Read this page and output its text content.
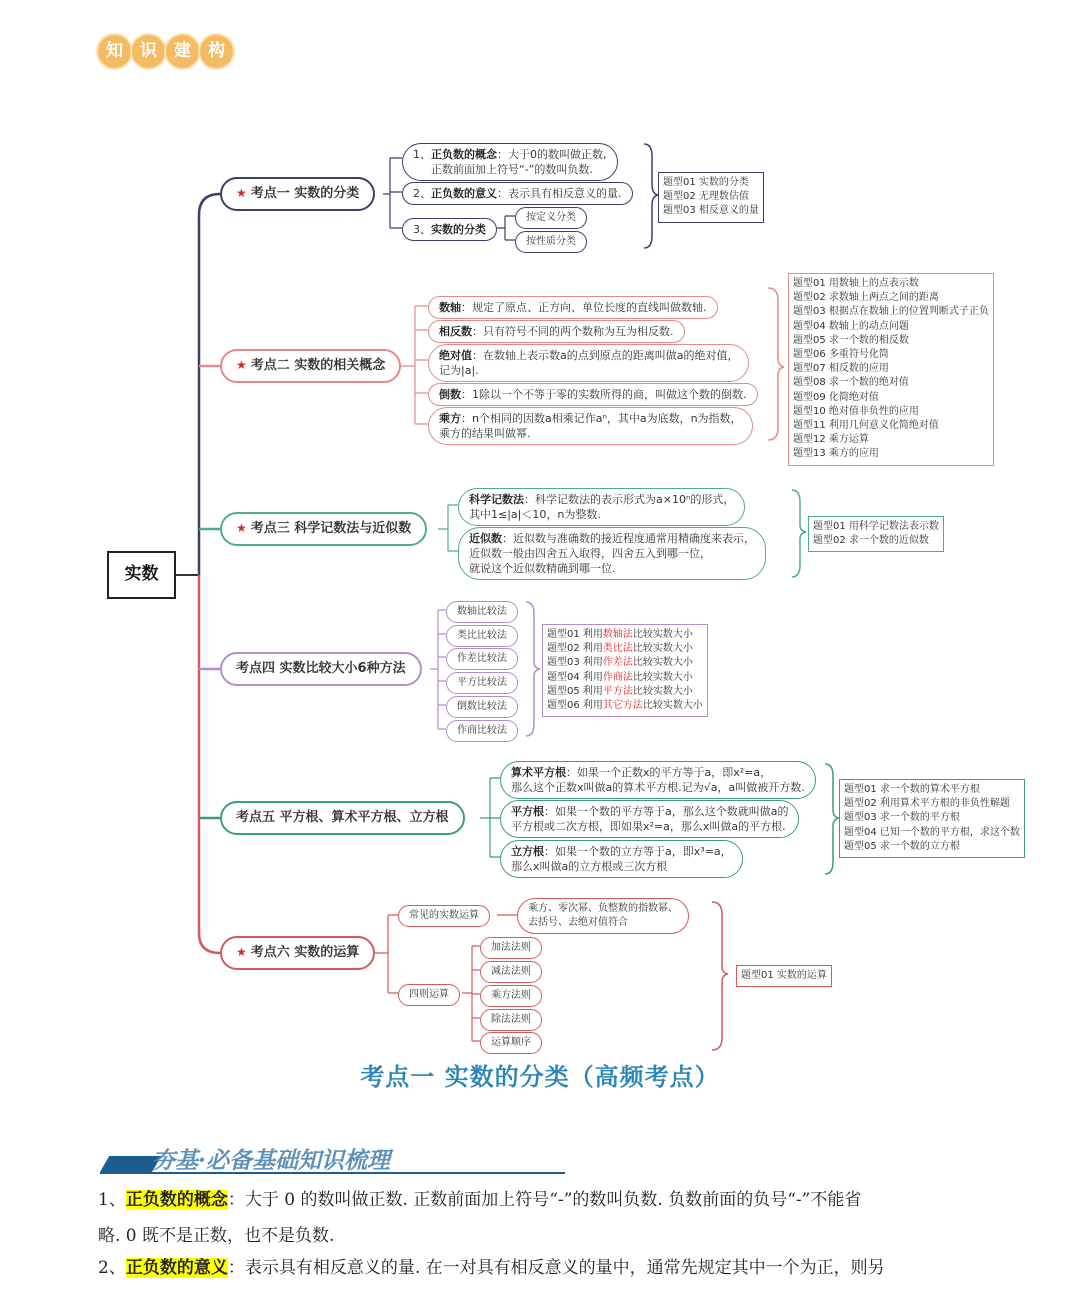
知	识	建	构
实数
★ 考点一 实数的分类
1、正负数的概念：大于0的数叫做正数,
正数前面加上符号“-”的数叫负数.
2、正负数的意义：表示具有相反意义的量.
3、实数的分类
按定义分类
按性质分类
题型01 实数的分类
题型02 无理数估值
题型03 相反意义的量
★ 考点二 实数的相关概念
数轴：规定了原点、正方向、单位长度的直线叫做数轴.
相反数：只有符号不同的两个数称为互为相反数.
绝对值：在数轴上表示数a的点到原点的距离叫做a的绝对值，
记为|a|.
倒数：1除以一个不等于零的实数所得的商，叫做这个数的倒数.
乘方：n个相同的因数a相乘记作aⁿ，其中a为底数，n为指数，
乘方的结果叫做幂.
题型01 用数轴上的点表示数
题型02 求数轴上两点之间的距离
题型03 根据点在数轴上的位置判断式子正负
题型04 数轴上的动点问题
题型05 求一个数的相反数
题型06 多重符号化简
题型07 相反数的应用
题型08 求一个数的绝对值
题型09 化简绝对值
题型10 绝对值非负性的应用
题型11 利用几何意义化简绝对值
题型12 乘方运算
题型13 乘方的应用
★ 考点三 科学记数法与近似数
科学记数法：科学记数法的表示形式为a×10ⁿ的形式，
其中1≤|a|＜10，n为整数.
近似数：近似数与准确数的接近程度通常用精确度来表示，
近似数一般由四舍五入取得，四舍五入到哪一位，
就说这个近似数精确到哪一位.
题型01 用科学记数法表示数
题型02 求一个数的近似数
考点四 实数比较大小6种方法
数轴比较法
类比比较法
作差比较法
平方比较法
倒数比较法
作商比较法
题型01 利用数轴法比较实数大小
题型02 利用类比法比较实数大小
题型03 利用作差法比较实数大小
题型04 利用作商法比较实数大小
题型05 利用平方法比较实数大小
题型06 利用其它方法比较实数大小
考点五 平方根、算术平方根、立方根
算术平方根：如果一个正数x的平方等于a，即x²=a，
那么这个正数x叫做a的算术平方根.记为√a，a叫做被开方数.
平方根：如果一个数的平方等于a，那么这个数就叫做a的
平方根或二次方根，即如果x²=a，那么x叫做a的平方根.
立方根：如果一个数的立方等于a，即x³=a，
那么x叫做a的立方根或三次方根
题型01 求一个数的算术平方根
题型02 利用算术平方根的非负性解题
题型03 求一个数的平方根
题型04 已知一个数的平方根，求这个数
题型05 求一个数的立方根
★ 考点六 实数的运算
常见的实数运算
乘方、零次幂、负整数的指数幂、
去括号、去绝对值符合
四则运算
加法法则
减法法则
乘方法则
除法法则
运算顺序
题型01 实数的运算
考点一 实数的分类（高频考点）
夯基·必备基础知识梳理
1、正负数的概念：大于 0 的数叫做正数. 正数前面加上符号“-”的数叫负数. 负数前面的负号“-”不能省
略. 0 既不是正数，也不是负数.
2、正负数的意义：表示具有相反意义的量. 在一对具有相反意义的量中，通常先规定其中一个为正，则另
